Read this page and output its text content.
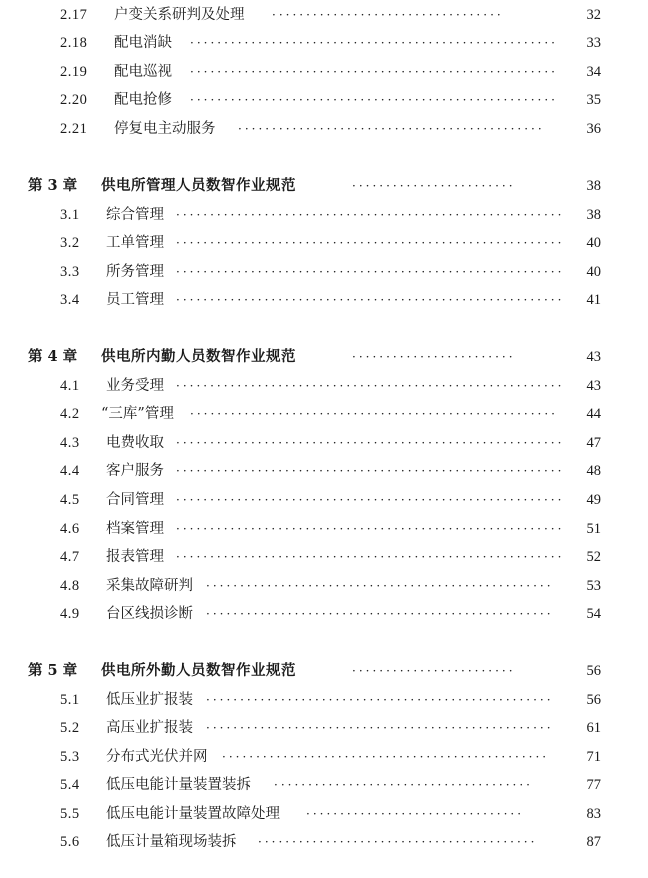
2.17 户变关系研判及处理 ··································	32
2.18 配电消缺 ······················································	33
2.19 配电巡视 ······················································	34
2.20 配电抢修 ······················································	35
2.21 停复电主动服务 ·············································	36
第 3 章 供电所管理人员数智作业规范	························	38
3.1 综合管理 ·························································	38
3.2 工单管理 ·························································	40
3.3 所务管理 ·························································	40
3.4 员工管理 ·························································	41
第 4 章 供电所内勤人员数智作业规范	························	43
4.1 业务受理 ·························································	43
4.2 “三库”管理 ······················································	44
4.3 电费收取 ·························································	47
4.4 客户服务 ·························································	48
4.5 合同管理 ·························································	49
4.6 档案管理 ·························································	51
4.7 报表管理 ·························································	52
4.8 采集故障研判 ···················································	53
4.9 台区线损诊断 ···················································	54
第 5 章 供电所外勤人员数智作业规范	························	56
5.1 低压业扩报装 ···················································	56
5.2 高压业扩报装 ···················································	61
5.3 分布式光伏并网 ················································	71
5.4 低压电能计量装置装拆 ······································	77
5.5 低压电能计量装置故障处理 ································	83
5.6 低压计量箱现场装拆 ·········································	87
